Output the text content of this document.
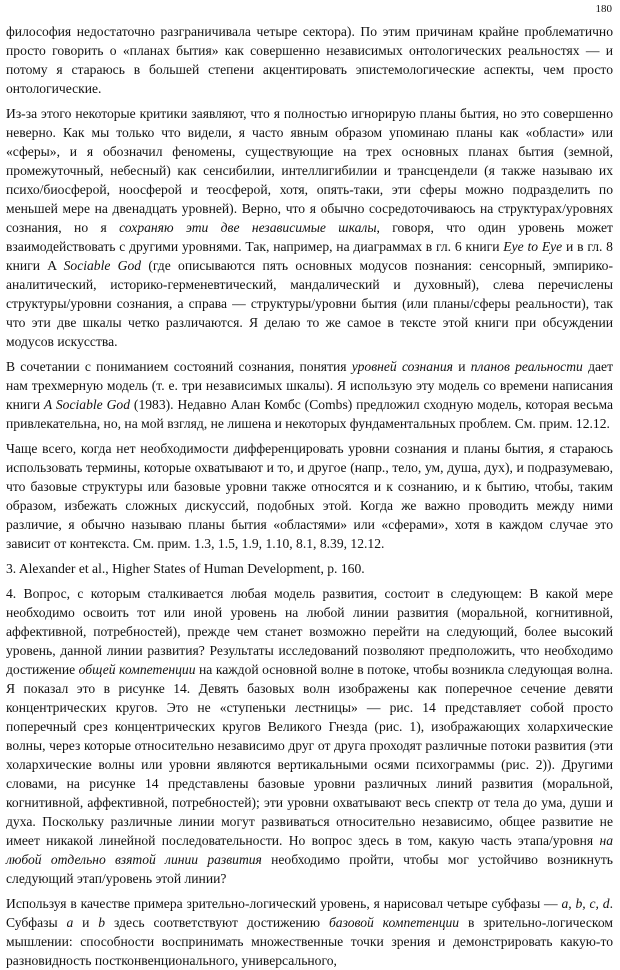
180

философия недостаточно разграничивала четыре сектора). По этим причинам крайне проблематично просто говорить о «планах бытия» как совершенно независимых онтологических реальностях — и потому я стараюсь в большей степени акцентировать эпистемологические аспекты, чем просто онтологические.

Из-за этого некоторые критики заявляют, что я полностью игнорирую планы бытия, но это совершенно неверно. Как мы только что видели, я часто явным образом упоминаю планы как «области» или «сферы», и я обозначил феномены, существующие на трех основных планах бытия (земной, промежуточный, небесный) как сенсибилии, интеллигибилии и трансцендели (я также называю их психо/биосферой, ноосферой и теосферой, хотя, опять-таки, эти сферы можно подразделить по меньшей мере на двенадцать уровней). Верно, что я обычно сосредоточиваюсь на структурах/уровнях сознания, но я сохраняю эти две независимые шкалы, говоря, что один уровень может взаимодействовать с другими уровнями. Так, например, на диаграммах в гл. 6 книги Eye to Eye и в гл. 8 книги A Sociable God (где описываются пять основных модусов познания: сенсорный, эмпирико-аналитический, историко-герменевтический, мандалический и духовный), слева перечислены структуры/уровни сознания, а справа — структуры/уровни бытия (или планы/сферы реальности), так что эти две шкалы четко различаются. Я делаю то же самое в тексте этой книги при обсуждении модусов искусства.

В сочетании с пониманием состояний сознания, понятия уровней сознания и планов реальности дает нам трехмерную модель (т. е. три независимых шкалы). Я использую эту модель со времени написания книги A Sociable God (1983). Недавно Алан Комбс (Combs) предложил сходную модель, которая весьма привлекательна, но, на мой взгляд, не лишена и некоторых фундаментальных проблем. См. прим. 12.12.

Чаще всего, когда нет необходимости дифференцировать уровни сознания и планы бытия, я стараюсь использовать термины, которые охватывают и то, и другое (напр., тело, ум, душа, дух), и подразумеваю, что базовые структуры или базовые уровни также относятся и к сознанию, и к бытию, чтобы, таким образом, избежать сложных дискуссий, подобных этой. Когда же важно проводить между ними различие, я обычно называю планы бытия «областями» или «сферами», хотя в каждом случае это зависит от контекста. См. прим. 1.3, 1.5, 1.9, 1.10, 8.1, 8.39, 12.12.

3. Alexander et al., Higher States of Human Development, p. 160.

4. Вопрос, с которым сталкивается любая модель развития, состоит в следующем: В какой мере необходимо освоить тот или иной уровень на любой линии развития (моральной, когнитивной, аффективной, потребностей), прежде чем станет возможно перейти на следующий, более высокий уровень, данной линии развития? Результаты исследований позволяют предположить, что необходимо достижение общей компетенции на каждой основной волне в потоке, чтобы возникла следующая волна. Я показал это в рисунке 14. Девять базовых волн изображены как поперечное сечение девяти концентрических кругов. Это не «ступеньки лестницы» — рис. 14 представляет собой просто поперечный срез концентрических кругов Великого Гнезда (рис. 1), изображающих холархические волны, через которые относительно независимо друг от друга проходят различные потоки развития (эти холархические волны или уровни являются вертикальными осями психограммы (рис. 2)). Другими словами, на рисунке 14 представлены базовые уровни различных линий развития (моральной, когнитивной, аффективной, потребностей); эти уровни охватывают весь спектр от тела до ума, души и духа. Поскольку различные линии могут развиваться относительно независимо, общее развитие не имеет никакой линейной последовательности. Но вопрос здесь в том, какую часть этапа/уровня на любой отдельно взятой линии развития необходимо пройти, чтобы мог устойчиво возникнуть следующий этап/уровень этой линии?

Используя в качестве примера зрительно-логический уровень, я нарисовал четыре субфазы — a, b, c, d. Субфазы a и b здесь соответствуют достижению базовой компетенции в зрительно-логическом мышлении: способности воспринимать множественные точки зрения и демонстрировать какую-то разновидность постконвенционального, универсального,
